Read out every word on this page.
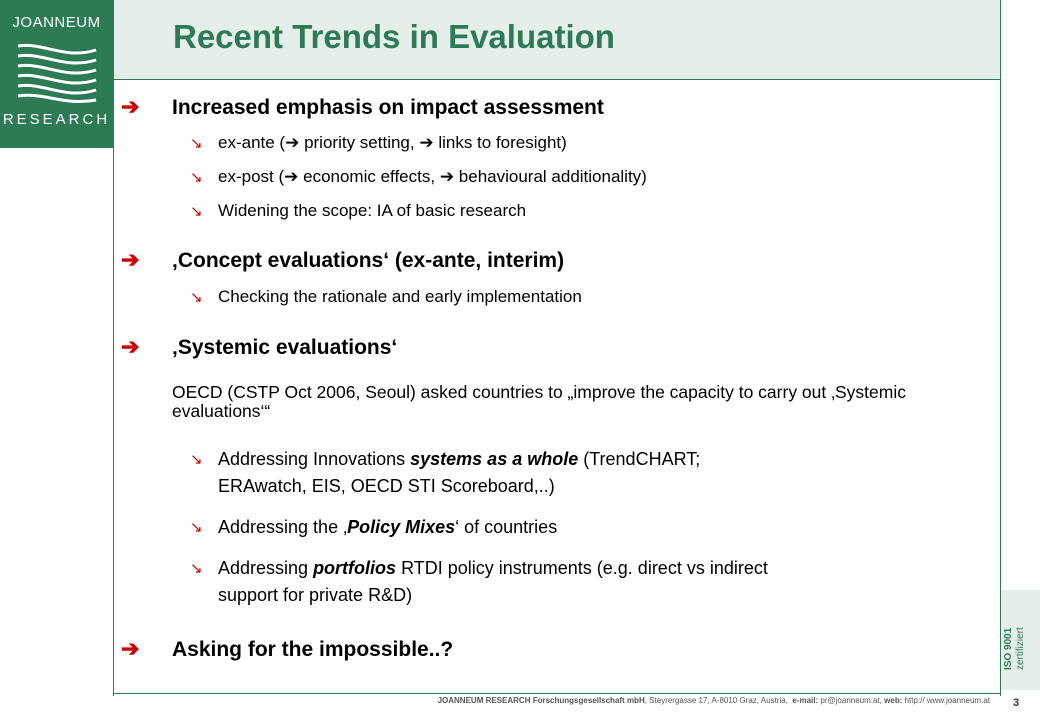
JOANNEUM
RESEARCH
Recent Trends in Evaluation
➔ Increased emphasis on impact assessment
↘ ex-ante (➔ priority setting, ➔ links to foresight)
↘ ex-post (➔ economic effects, ➔ behavioural additionality)
↘ Widening the scope: IA of basic research
➔ ‚Concept evaluations‘ (ex-ante, interim)
↘ Checking the rationale and early implementation
➔ ‚Systemic evaluations‘
OECD (CSTP Oct 2006, Seoul) asked countries to „improve the capacity to carry out ‚Systemic evaluations‘“
↘ Addressing Innovations systems as a whole (TrendCHART;
ERAwatch, EIS, OECD STI Scoreboard,..)
↘ Addressing the ‚Policy Mixes‘ of countries
↘ Addressing portfolios RTDI policy instruments (e.g. direct vs indirect
support for private R&D)
➔ Asking for the impossible..?	ISO 9001 zertifiziert
3
JOANNEUM RESEARCH Forschungsgesellschaft mbH, Steyrergasse 17, A-8010 Graz, Austria, e-mail: pr@joanneum.at, web: http:// www.joanneum.at
